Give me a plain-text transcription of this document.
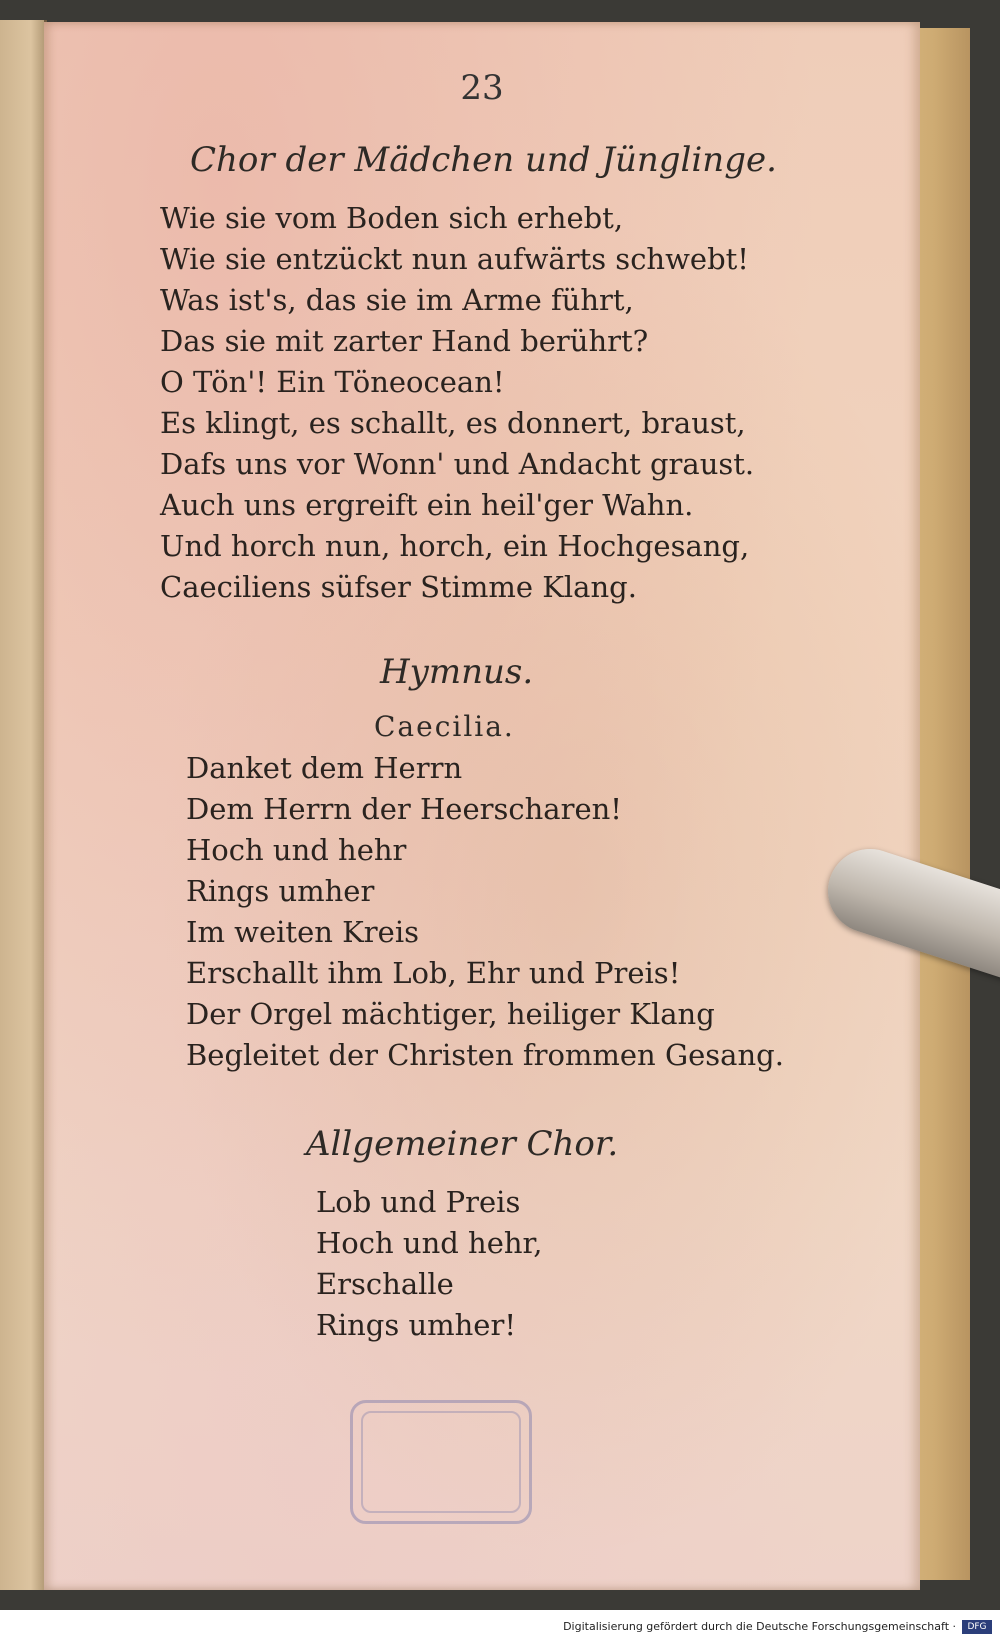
23
Chor der Mädchen und Jünglinge.
Wie sie vom Boden sich erhebt,
Wie sie entzückt nun aufwärts schwebt!
Was ist's, das sie im Arme führt,
Das sie mit zarter Hand berührt?
O Tön'! Ein Töneocean!
Es klingt, es schallt, es donnert, braust,
Dafs uns vor Wonn' und Andacht graust.
Auch uns ergreift ein heil'ger Wahn.
Und horch nun, horch, ein Hochgesang,
Caeciliens süfser Stimme Klang.
Hymnus.
Caecilia.
Danket dem Herrn
Dem Herrn der Heerscharen!
Hoch und hehr
Rings umher
Im weiten Kreis
Erschallt ihm Lob, Ehr und Preis!
Der Orgel mächtiger, heiliger Klang
Begleitet der Christen frommen Gesang.
Allgemeiner Chor.
Lob und Preis
Hoch und hehr,
Erschalle
Rings umher!
Digitalisierung gefördert durch die Deutsche Forschungsgemeinschaft ·	DFG
